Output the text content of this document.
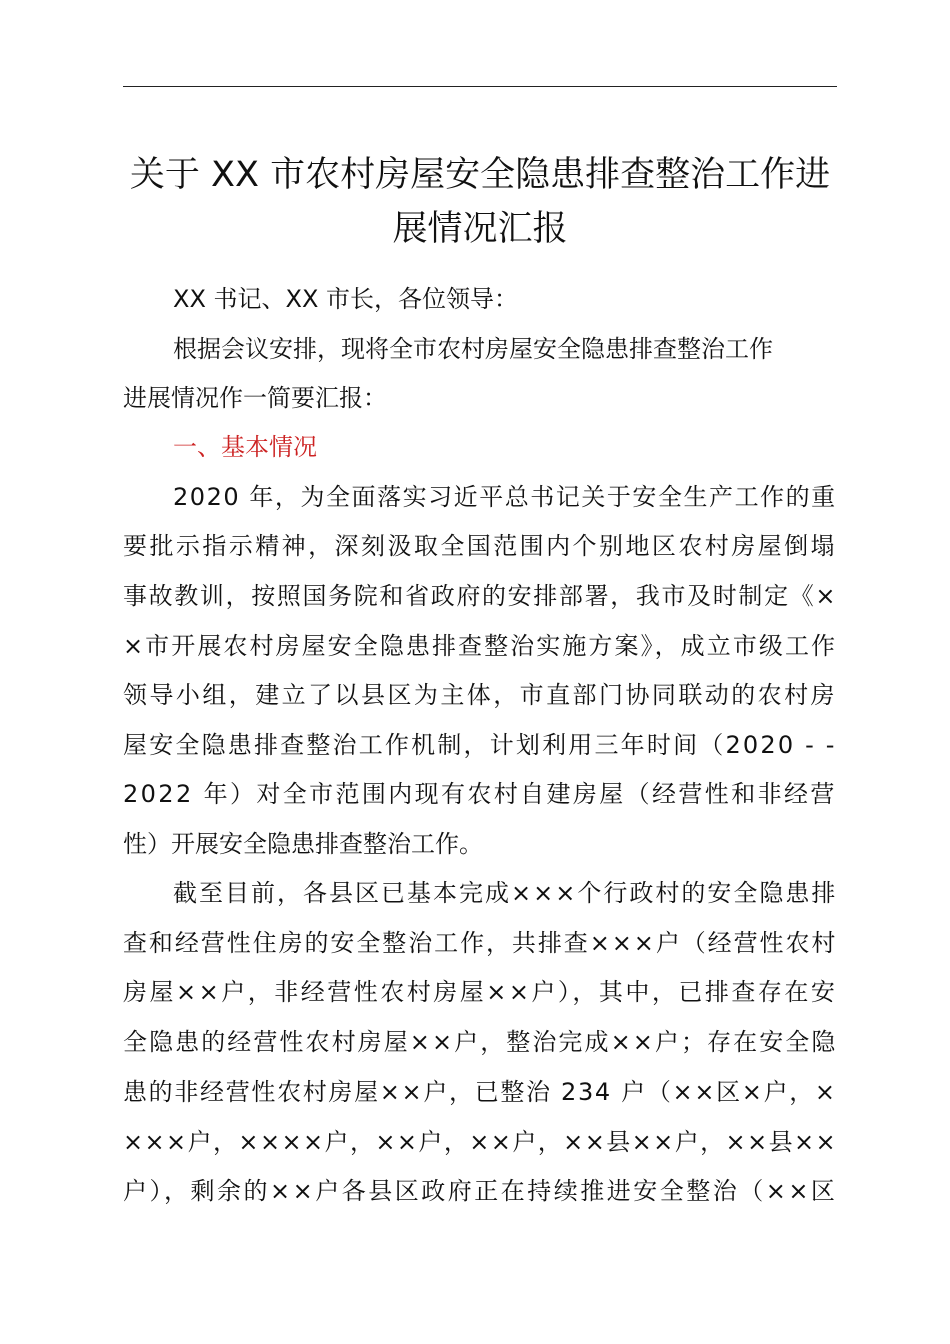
关于 XX 市农村房屋安全隐患排查整治工作进
展情况汇报
XX 书记、XX 市长，各位领导：
根据会议安排，现将全市农村房屋安全隐患排查整治工作
进展情况作一简要汇报：
一、基本情况
2020 年，为全面落实习近平总书记关于安全生产工作的重
要批示指示精神，深刻汲取全国范围内个别地区农村房屋倒塌
事故教训，按照国务院和省政府的安排部署，我市及时制定《×
×市开展农村房屋安全隐患排查整治实施方案》，成立市级工作
领导小组，建立了以县区为主体，市直部门协同联动的农村房
屋安全隐患排查整治工作机制，计划利用三年时间（2020 - -
2022 年）对全市范围内现有农村自建房屋（经营性和非经营
性）开展安全隐患排查整治工作。
截至目前，各县区已基本完成×××个行政村的安全隐患排
查和经营性住房的安全整治工作，共排查×××户（经营性农村
房屋××户，非经营性农村房屋××户），其中，已排查存在安
全隐患的经营性农村房屋××户，整治完成××户；存在安全隐
患的非经营性农村房屋××户，已整治 234 户（××区×户，×
×××户，××××户，××户，××户，××县××户，××县××
户），剩余的××户各县区政府正在持续推进安全整治（××区
